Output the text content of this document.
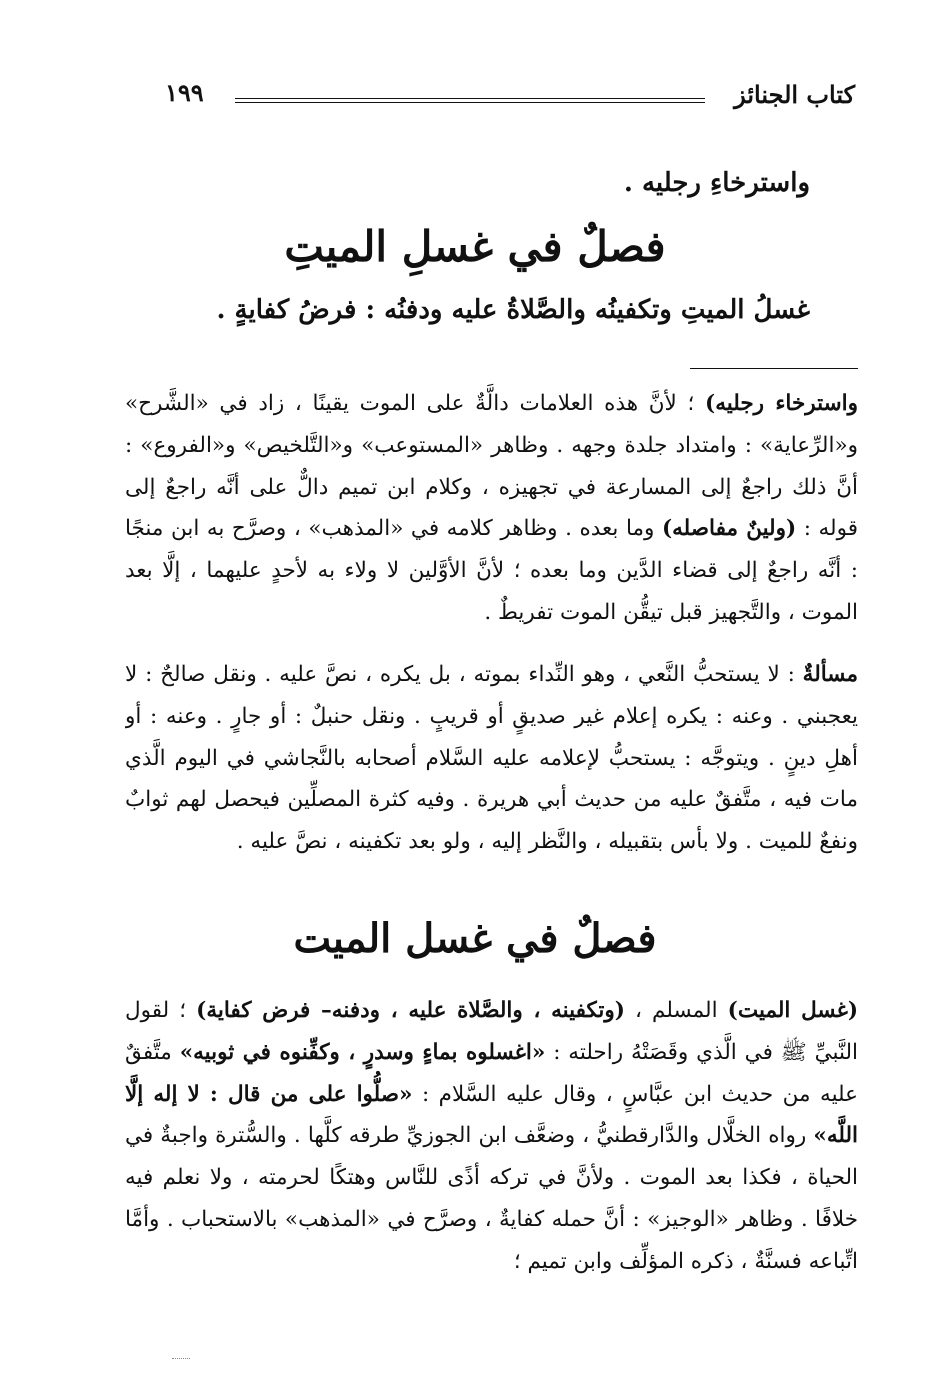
كتاب الجنائز
١٩٩
واسترخاءِ رجليه .
فصلٌ في غسلِ الميتِ
غسلُ الميتِ وتكفينُه والصَّلاةُ عليه ودفنُه : فرضُ كفايةٍ .
واسترخاء رجليه) ؛ لأنَّ هذه العلامات دالَّةٌ على الموت يقينًا ، زاد في «الشَّرح» و«الرِّعاية» : وامتداد جلدة وجهه . وظاهر «المستوعب» و«التَّلخيص» و«الفروع» : أنَّ ذلك راجعٌ إلى المسارعة في تجهيزه ، وكلام ابن تميم دالٌّ على أنَّه راجعٌ إلى قوله : (ولينٌ مفاصله) وما بعده . وظاهر كلامه في «المذهب» ، وصرَّح به ابن منجًا : أنَّه راجعٌ إلى قضاء الدَّين وما بعده ؛ لأنَّ الأوَّلين لا ولاء به لأحدٍ عليهما ، إلَّا بعد الموت ، والتَّجهيز قبل تيقُّن الموت تفريطٌ .
مسألةٌ : لا يستحبُّ النَّعي ، وهو النِّداء بموته ، بل يكره ، نصَّ عليه . ونقل صالحٌ : لا يعجبني . وعنه : يكره إعلام غير صديقٍ أو قريبٍ . ونقل حنبلٌ : أو جارٍ . وعنه : أو أهلِ دينٍ . ويتوجَّه : يستحبُّ لإعلامه عليه السَّلام أصحابه بالنَّجاشي في اليوم الَّذي مات فيه ، متَّفقٌ عليه من حديث أبي هريرة . وفيه كثرة المصلِّين فيحصل لهم ثوابٌ ونفعٌ للميت . ولا بأس بتقبيله ، والنَّظر إليه ، ولو بعد تكفينه ، نصَّ عليه .
فصلٌ في غسل الميت
(غسل الميت) المسلم ، (وتكفينه ، والصَّلاة عليه ، ودفنه– فرض كفاية) ؛ لقول النَّبيِّ ﷺ في الَّذي وقَصَتْهُ راحلته : «اغسلوه بماءٍ وسدرٍ ، وكفِّنوه في ثوبيه» متَّفقٌ عليه من حديث ابن عبَّاسٍ ، وقال عليه السَّلام : «صلُّوا على من قال : لا إله إلَّا اللَّه» رواه الخلَّال والدَّارقطنيُّ ، وضعَّف ابن الجوزيِّ طرقه كلَّها . والسُّترة واجبةٌ في الحياة ، فكذا بعد الموت . ولأنَّ في تركه أذًى للنَّاس وهتكًا لحرمته ، ولا نعلم فيه خلافًا . وظاهر «الوجيز» : أنَّ حمله كفايةٌ ، وصرَّح في «المذهب» بالاستحباب . وأمَّا اتِّباعه فسنَّةٌ ، ذكره المؤلِّف وابن تميم ؛
